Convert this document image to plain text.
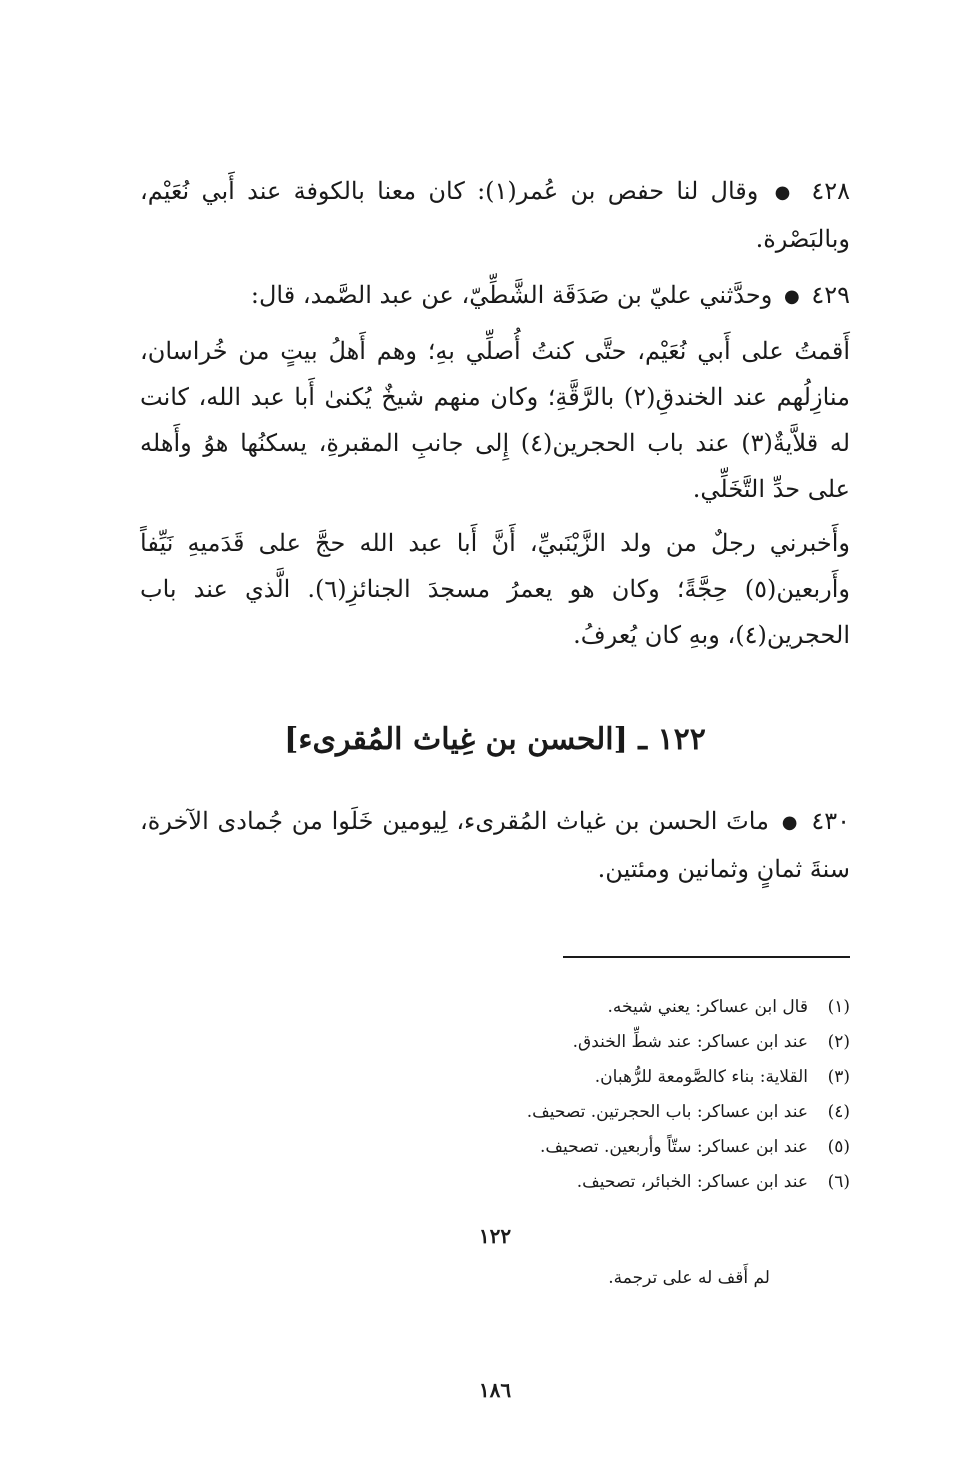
٤٢٨ ● وقال لنا حفص بن عُمر(١): كان معنا بالكوفة عند أَبي نُعَيْم، وبالبَصْرة.

٤٢٩ ● وحدَّثني عليّ بن صَدَقَة الشَّطِّيّ، عن عبد الصَّمد، قال:

أَقمتُ على أَبي نُعَيْم، حتَّى كنتُ أُصلِّي بهِ؛ وهم أَهلُ بيتٍ من خُراسان، منازِلُهم عند الخندقِ(٢) بالرَّقَّةِ؛ وكان منهم شيخٌ يُكنىٰ أَبا عبد الله، كانت له قلاَّيةٌ(٣) عند باب الحجرين(٤) إِلى جانبِ المقبرةِ، يسكنُها هوُ وأَهله على حدِّ التَّخَلِّي.

وأَخبرني رجلٌ من ولد الزَّيْنَبيِّ، أَنَّ أَبا عبد الله حجَّ على قَدَميهِ نَيِّفاً وأَربعين(٥) حِجَّةً؛ وكان هو يعمرُ مسجدَ الجنائزِ(٦). الَّذي عند باب الحجرين(٤)، وبهِ كان يُعرفُ.

١٢٢ ـ [الحسن بن غِياث المُقرىء]

٤٣٠ ● ماتَ الحسن بن غياث المُقرىء، لِيومين خَلَوا من جُمادى الآخرة، سنةَ ثمانٍ وثمانين ومئتين.

(١)
قال ابن عساكر: يعني شيخه.
(٢)
عند ابن عساكر: عند شطِّ الخندق.
(٣)
القلاية: بناء كالصَّومعة للرُّهبان.
(٤)
عند ابن عساكر: باب الحجرتين. تصحيف.
(٥)
عند ابن عساكر: ستّاً وأربعين. تصحيف.
(٦)
عند ابن عساكر: الخبائر، تصحيف.

١٢٢

لم أَقف له على ترجمة.

١٨٦
